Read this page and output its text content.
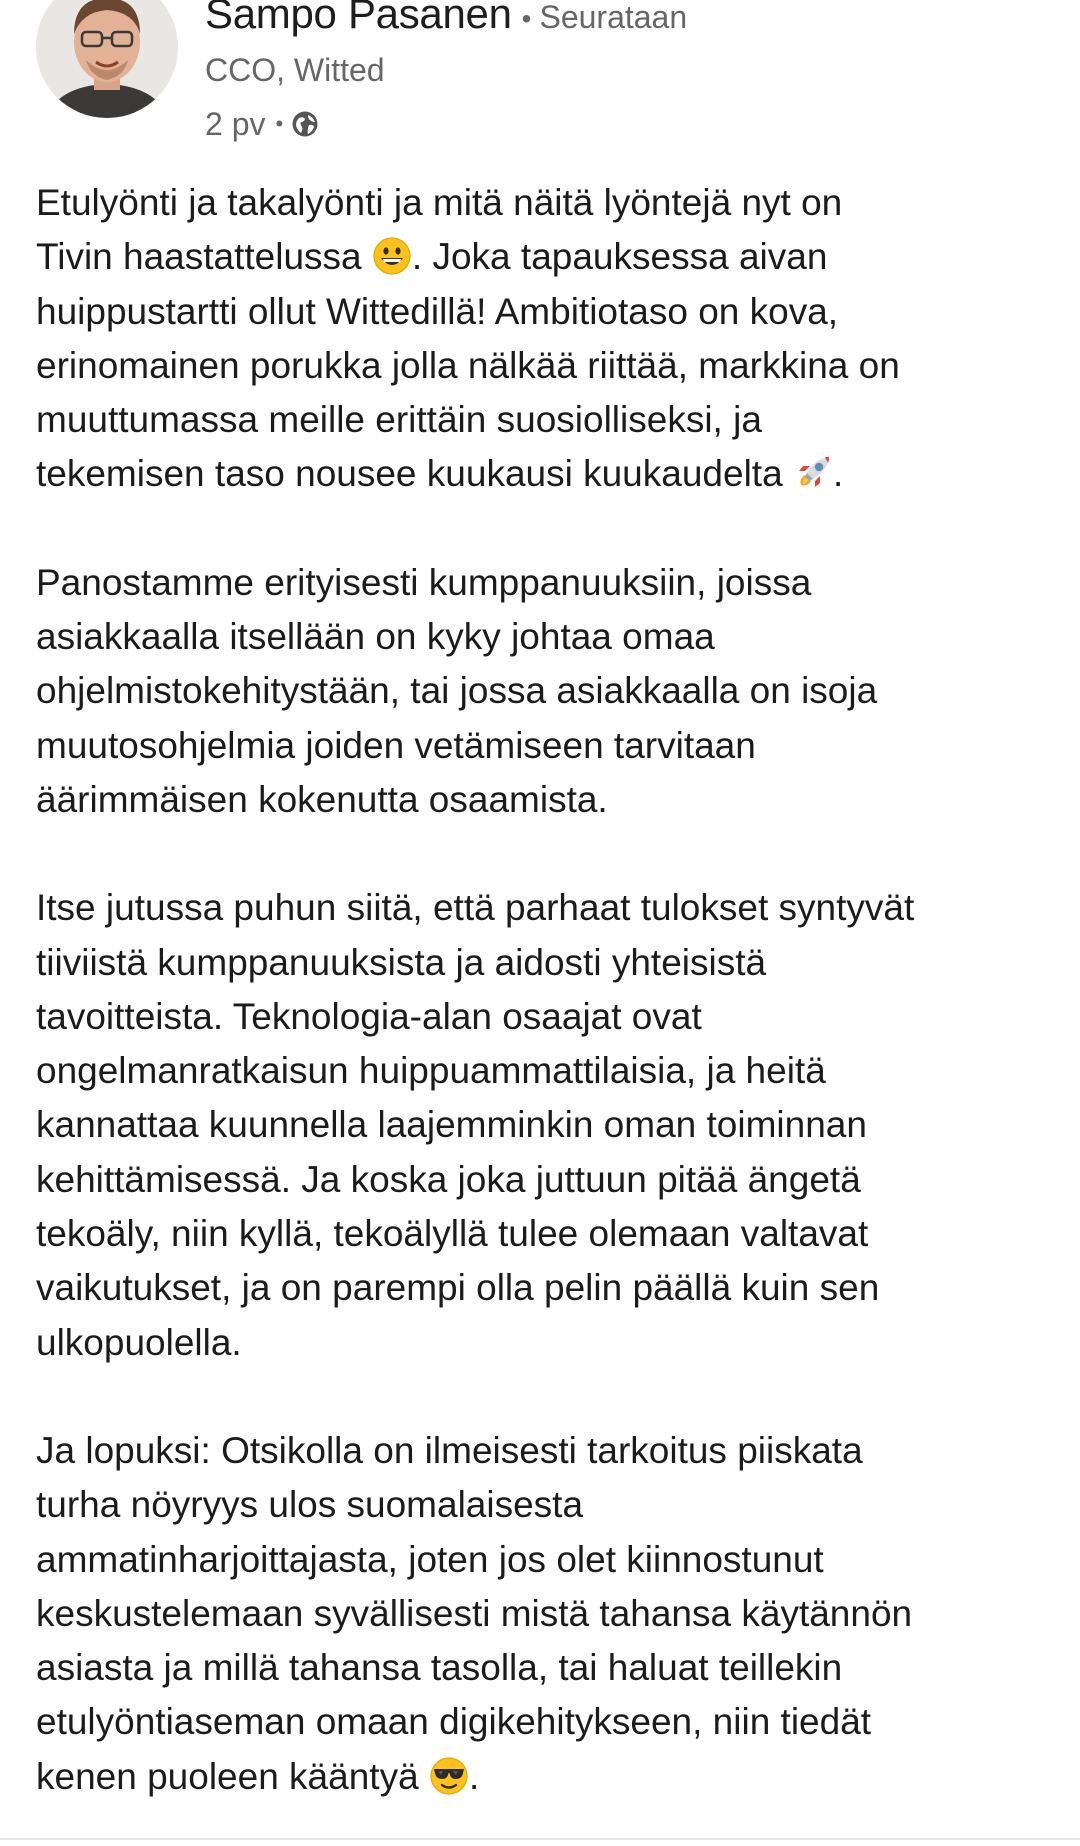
Sampo Pasanen • Seurataan
CCO, Witted
2 pv •
Etulyönti ja takalyönti ja mitä näitä lyöntejä nyt on
Tivin haastattelussa . Joka tapauksessa aivan
huippustartti ollut Wittedillä! Ambitiotaso on kova,
erinomainen porukka jolla nälkää riittää, markkina on
muuttumassa meille erittäin suosiolliseksi, ja
tekemisen taso nousee kuukausi kuukaudelta .
Panostamme erityisesti kumppanuuksiin, joissa
asiakkaalla itsellään on kyky johtaa omaa
ohjelmistokehitystään, tai jossa asiakkaalla on isoja
muutosohjelmia joiden vetämiseen tarvitaan
äärimmäisen kokenutta osaamista.
Itse jutussa puhun siitä, että parhaat tulokset syntyvät
tiiviistä kumppanuuksista ja aidosti yhteisistä
tavoitteista. Teknologia-alan osaajat ovat
ongelmanratkaisun huippuammattilaisia, ja heitä
kannattaa kuunnella laajemminkin oman toiminnan
kehittämisessä. Ja koska joka juttuun pitää ängetä
tekoäly, niin kyllä, tekoälyllä tulee olemaan valtavat
vaikutukset, ja on parempi olla pelin päällä kuin sen
ulkopuolella.
Ja lopuksi: Otsikolla on ilmeisesti tarkoitus piiskata
turha nöyryys ulos suomalaisesta
ammatinharjoittajasta, joten jos olet kiinnostunut
keskustelemaan syvällisesti mistä tahansa käytännön
asiasta ja millä tahansa tasolla, tai haluat teillekin
etulyöntiaseman omaan digikehitykseen, niin tiedät
kenen puoleen kääntyä .
